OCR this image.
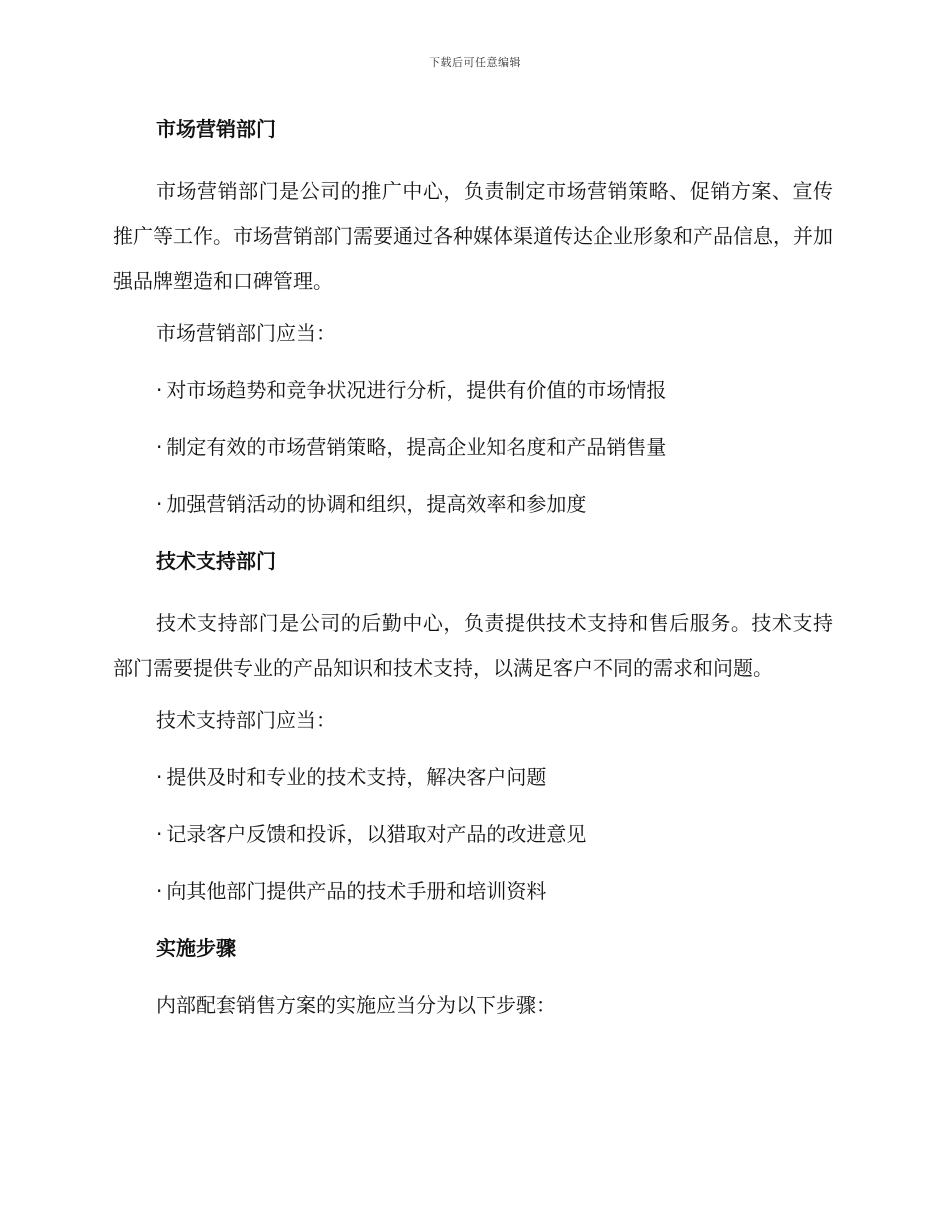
下载后可任意编辑
市场营销部门
市场营销部门是公司的推广中心，负责制定市场营销策略、促销方案、宣传推广等工作。市场营销部门需要通过各种媒体渠道传达企业形象和产品信息，并加强品牌塑造和口碑管理。
市场营销部门应当：
· 对市场趋势和竞争状况进行分析，提供有价值的市场情报
· 制定有效的市场营销策略，提高企业知名度和产品销售量
· 加强营销活动的协调和组织，提高效率和参加度
技术支持部门
技术支持部门是公司的后勤中心，负责提供技术支持和售后服务。技术支持部门需要提供专业的产品知识和技术支持，以满足客户不同的需求和问题。
技术支持部门应当：
· 提供及时和专业的技术支持，解决客户问题
· 记录客户反馈和投诉，以猎取对产品的改进意见
· 向其他部门提供产品的技术手册和培训资料
实施步骤
内部配套销售方案的实施应当分为以下步骤：
